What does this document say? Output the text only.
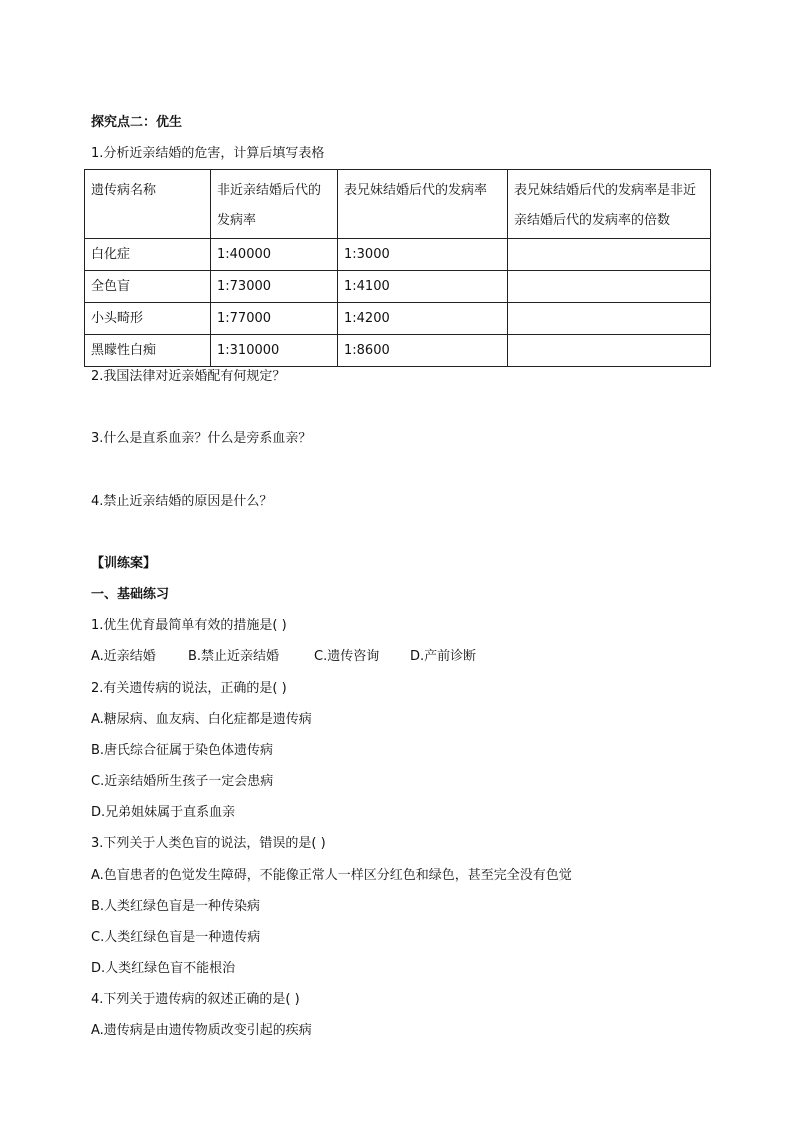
探究点二：优生
1.分析近亲结婚的危害，计算后填写表格
遗传病名称	非近亲结婚后代的发病率	表兄妹结婚后代的发病率	表兄妹结婚后代的发病率是非近亲结婚后代的发病率的倍数
白化症	1:40000	1:3000	
全色盲	1:73000	1:4100	
小头畸形	1:77000	1:4200	
黑矇性白痴	1:310000	1:8600	
2.我国法律对近亲婚配有何规定？
3.什么是直系血亲？什么是旁系血亲？
4.禁止近亲结婚的原因是什么？
【训练案】
一、基础练习
1.优生优育最简单有效的措施是( )
A.近亲结婚 B.禁止近亲结婚	C.遗传咨询 D.产前诊断
2.有关遗传病的说法，正确的是( )
A.糖尿病、血友病、白化症都是遗传病
B.唐氏综合征属于染色体遗传病
C.近亲结婚所生孩子一定会患病
D.兄弟姐妹属于直系血亲
3.下列关于人类色盲的说法，错误的是( )
A.色盲患者的色觉发生障碍，不能像正常人一样区分红色和绿色，甚至完全没有色觉
B.人类红绿色盲是一种传染病
C.人类红绿色盲是一种遗传病
D.人类红绿色盲不能根治
4.下列关于遗传病的叙述正确的是( )
A.遗传病是由遗传物质改变引起的疾病
